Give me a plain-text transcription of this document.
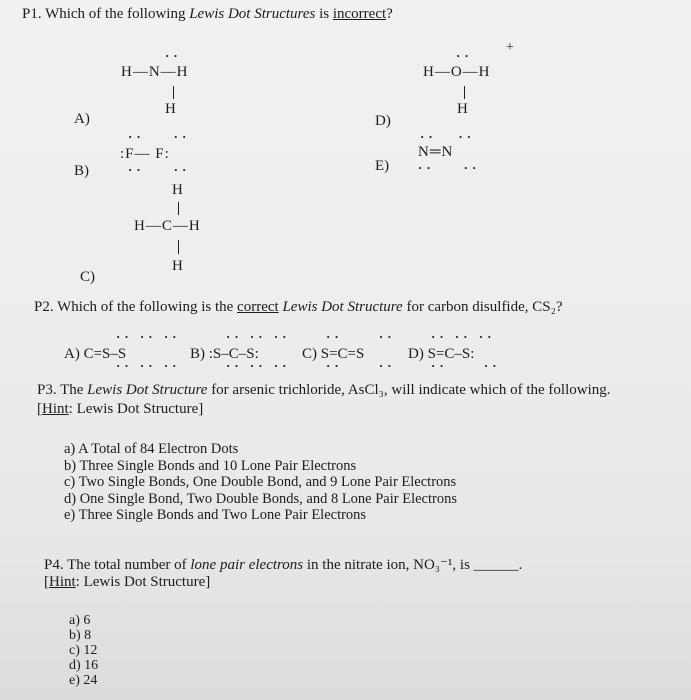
P1. Which of the following Lewis Dot Structures is incorrect?
··
H—N—H
H
A)
··    ··
:F— F:
··    ··
B)
H
H—C—H
H
C)
··
+
H—O—H
H
D)
··   ··
N═N
··    ··
E)
P2. Which of the following is the correct Lewis Dot Structure for carbon disulfide, CS₂?
·· ·· ··
·· ·· ··
A) C=S–S
·· ·· ··
·· ·· ··
B) :S–C–S:
··     ··
··     ··
C) S=C=S
·· ·· ··
··     ··
D) S=C–S:
P3. The Lewis Dot Structure for arsenic trichloride, AsCl₃, will indicate which of the following.
[Hint: Lewis Dot Structure]
a) A Total of 84 Electron Dots
b) Three Single Bonds and 10 Lone Pair Electrons
c) Two Single Bonds, One Double Bond, and 9 Lone Pair Electrons
d) One Single Bond, Two Double Bonds, and 8 Lone Pair Electrons
e) Three Single Bonds and Two Lone Pair Electrons
P4. The total number of lone pair electrons in the nitrate ion, NO₃⁻¹, is ______.
[Hint: Lewis Dot Structure]
a) 6
b) 8
c) 12
d) 16
e) 24
